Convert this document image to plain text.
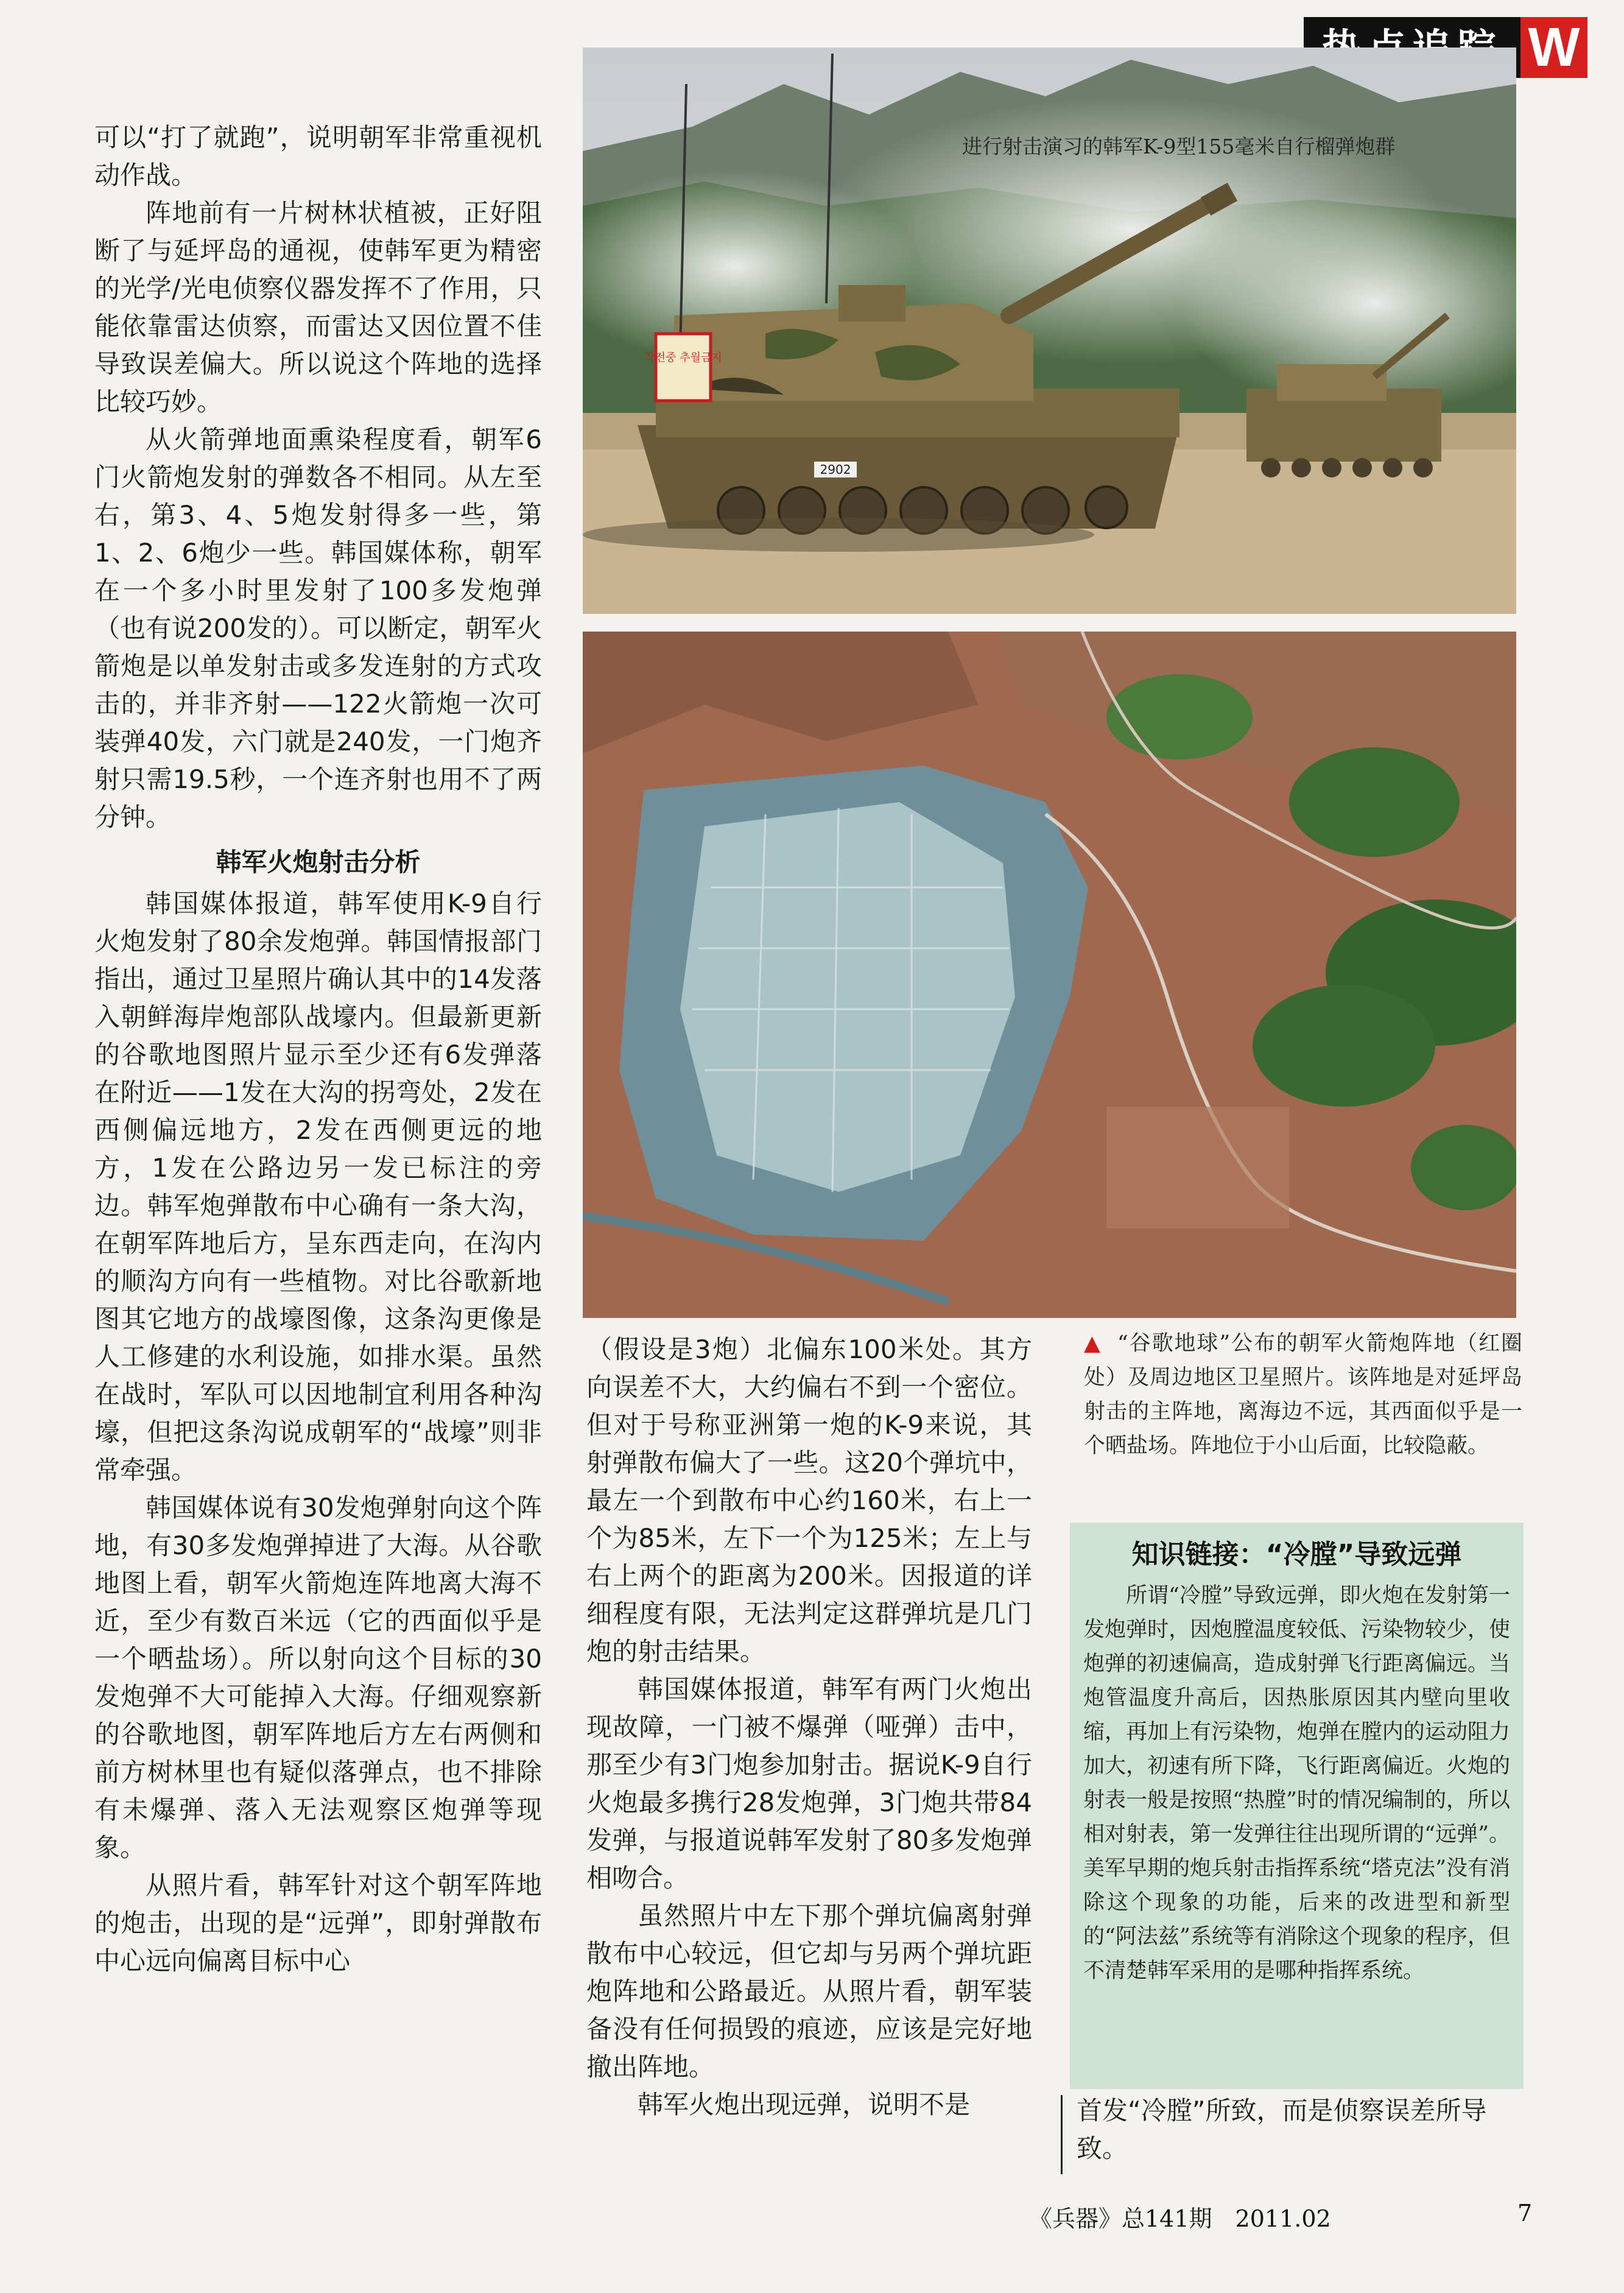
W

可以“打了就跑”，说明朝军非常重视机动作战。

阵地前有一片树林状植被，正好阻断了与延坪岛的通视，使韩军更为精密的光学/光电侦察仪器发挥不了作用，只能依靠雷达侦察，而雷达又因位置不佳导致误差偏大。所以说这个阵地的选择比较巧妙。

从火箭弹地面熏染程度看，朝军6门火箭炮发射的弹数各不相同。从左至右，第3、4、5炮发射得多一些，第1、2、6炮少一些。韩国媒体称，朝军在一个多小时里发射了100多发炮弹（也有说200发的）。可以断定，朝军火箭炮是以单发射击或多发连射的方式攻击的，并非齐射——122火箭炮一次可装弹40发，六门就是240发，一门炮齐射只需19.5秒，一个连齐射也用不了两分钟。

韩军火炮射击分析

韩国媒体报道，韩军使用K-9自行火炮发射了80余发炮弹。韩国情报部门指出，通过卫星照片确认其中的14发落入朝鲜海岸炮部队战壕内。但最新更新的谷歌地图照片显示至少还有6发弹落在附近——1发在大沟的拐弯处，2发在西侧偏远地方，2发在西侧更远的地方，1发在公路边另一发已标注的旁边。韩军炮弹散布中心确有一条大沟，在朝军阵地后方，呈东西走向，在沟内的顺沟方向有一些植物。对比谷歌新地图其它地方的战壕图像，这条沟更像是人工修建的水利设施，如排水渠。虽然在战时，军队可以因地制宜利用各种沟壕，但把这条沟说成朝军的“战壕”则非常牵强。

韩国媒体说有30发炮弹射向这个阵地，有30多发炮弹掉进了大海。从谷歌地图上看，朝军火箭炮连阵地离大海不近，至少有数百米远（它的西面似乎是一个晒盐场）。所以射向这个目标的30发炮弹不大可能掉入大海。仔细观察新的谷歌地图，朝军阵地后方左右两侧和前方树林里也有疑似落弹点，也不排除有未爆弹、落入无法观察区炮弹等现象。

从照片看，韩军针对这个朝军阵地的炮击，出现的是“远弹”，即射弹散布中心远向偏离目标中心

작전중 추월금지
2902
进行射击演习的韩军K-9型155毫米自行榴弹炮群
▲ “谷歌地球”公布的朝军火箭炮阵地（红圈处）及周边地区卫星照片。该阵地是对延坪岛射击的主阵地，离海边不远，其西面似乎是一个晒盐场。阵地位于小山后面，比较隐蔽。

（假设是3炮）北偏东100米处。其方向误差不大，大约偏右不到一个密位。但对于号称亚洲第一炮的K-9来说，其射弹散布偏大了一些。这20个弹坑中，最左一个到散布中心约160米，右上一个为85米，左下一个为125米；左上与右上两个的距离为200米。因报道的详细程度有限，无法判定这群弹坑是几门炮的射击结果。

韩国媒体报道，韩军有两门火炮出现故障，一门被不爆弹（哑弹）击中，那至少有3门炮参加射击。据说K-9自行火炮最多携行28发炮弹，3门炮共带84发弹，与报道说韩军发射了80多发炮弹相吻合。

虽然照片中左下那个弹坑偏离射弹散布中心较远，但它却与另两个弹坑距炮阵地和公路最近。从照片看，朝军装备没有任何损毁的痕迹，应该是完好地撤出阵地。

韩军火炮出现远弹，说明不是

知识链接：“冷膛”导致远弹
所谓“冷膛”导致远弹，即火炮在发射第一发炮弹时，因炮膛温度较低、污染物较少，使炮弹的初速偏高，造成射弹飞行距离偏远。当炮管温度升高后，因热胀原因其内壁向里收缩，再加上有污染物，炮弹在膛内的运动阻力加大，初速有所下降，飞行距离偏近。火炮的射表一般是按照“热膛”时的情况编制的，所以相对射表，第一发弹往往出现所谓的“远弹”。美军早期的炮兵射击指挥系统“塔克法”没有消除这个现象的功能，后来的改进型和新型的“阿法兹”系统等有消除这个现象的程序，但不清楚韩军采用的是哪种指挥系统。
首发“冷膛”所致，而是侦察误差所导致。
《兵器》总141期　2011.02	7
